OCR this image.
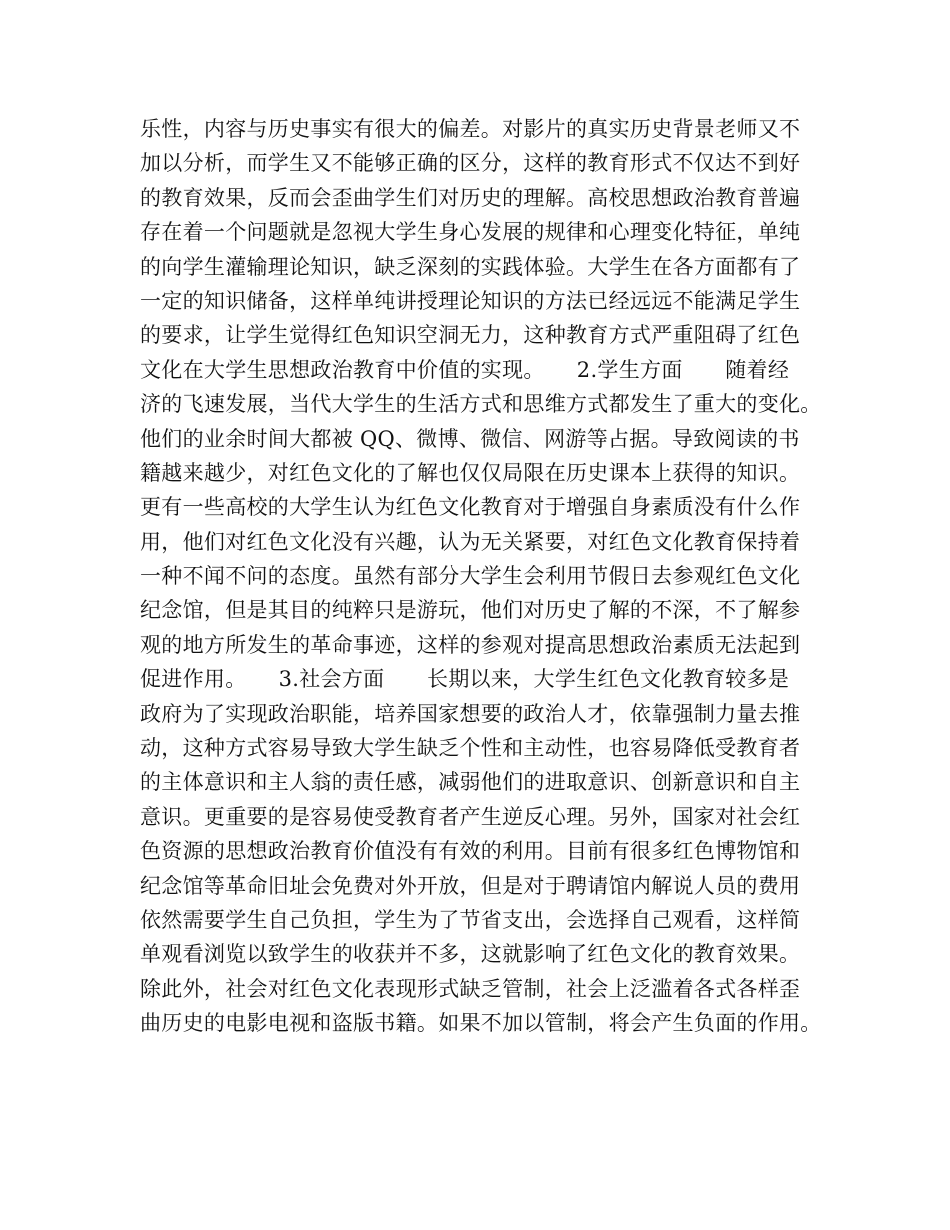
乐性，内容与历史事实有很大的偏差。对影片的真实历史背景老师又不
加以分析，而学生又不能够正确的区分，这样的教育形式不仅达不到好
的教育效果，反而会歪曲学生们对历史的理解。高校思想政治教育普遍
存在着一个问题就是忽视大学生身心发展的规律和心理变化特征，单纯
的向学生灌输理论知识，缺乏深刻的实践体验。大学生在各方面都有了
一定的知识储备，这样单纯讲授理论知识的方法已经远远不能满足学生
的要求，让学生觉得红色知识空洞无力，这种教育方式严重阻碍了红色
文化在大学生思想政治教育中价值的实现。　　2.学生方面　　随着经
济的飞速发展，当代大学生的生活方式和思维方式都发生了重大的变化。
他们的业余时间大都被 QQ、微博、微信、网游等占据。导致阅读的书
籍越来越少，对红色文化的了解也仅仅局限在历史课本上获得的知识。
更有一些高校的大学生认为红色文化教育对于增强自身素质没有什么作
用，他们对红色文化没有兴趣，认为无关紧要，对红色文化教育保持着
一种不闻不问的态度。虽然有部分大学生会利用节假日去参观红色文化
纪念馆，但是其目的纯粹只是游玩，他们对历史了解的不深，不了解参
观的地方所发生的革命事迹，这样的参观对提高思想政治素质无法起到
促进作用。　　3.社会方面　　长期以来，大学生红色文化教育较多是
政府为了实现政治职能，培养国家想要的政治人才，依靠强制力量去推
动，这种方式容易导致大学生缺乏个性和主动性，也容易降低受教育者
的主体意识和主人翁的责任感，减弱他们的进取意识、创新意识和自主
意识。更重要的是容易使受教育者产生逆反心理。另外，国家对社会红
色资源的思想政治教育价值没有有效的利用。目前有很多红色博物馆和
纪念馆等革命旧址会免费对外开放，但是对于聘请馆内解说人员的费用
依然需要学生自己负担，学生为了节省支出，会选择自己观看，这样简
单观看浏览以致学生的收获并不多，这就影响了红色文化的教育效果。
除此外，社会对红色文化表现形式缺乏管制，社会上泛滥着各式各样歪
曲历史的电影电视和盗版书籍。如果不加以管制，将会产生负面的作用。
